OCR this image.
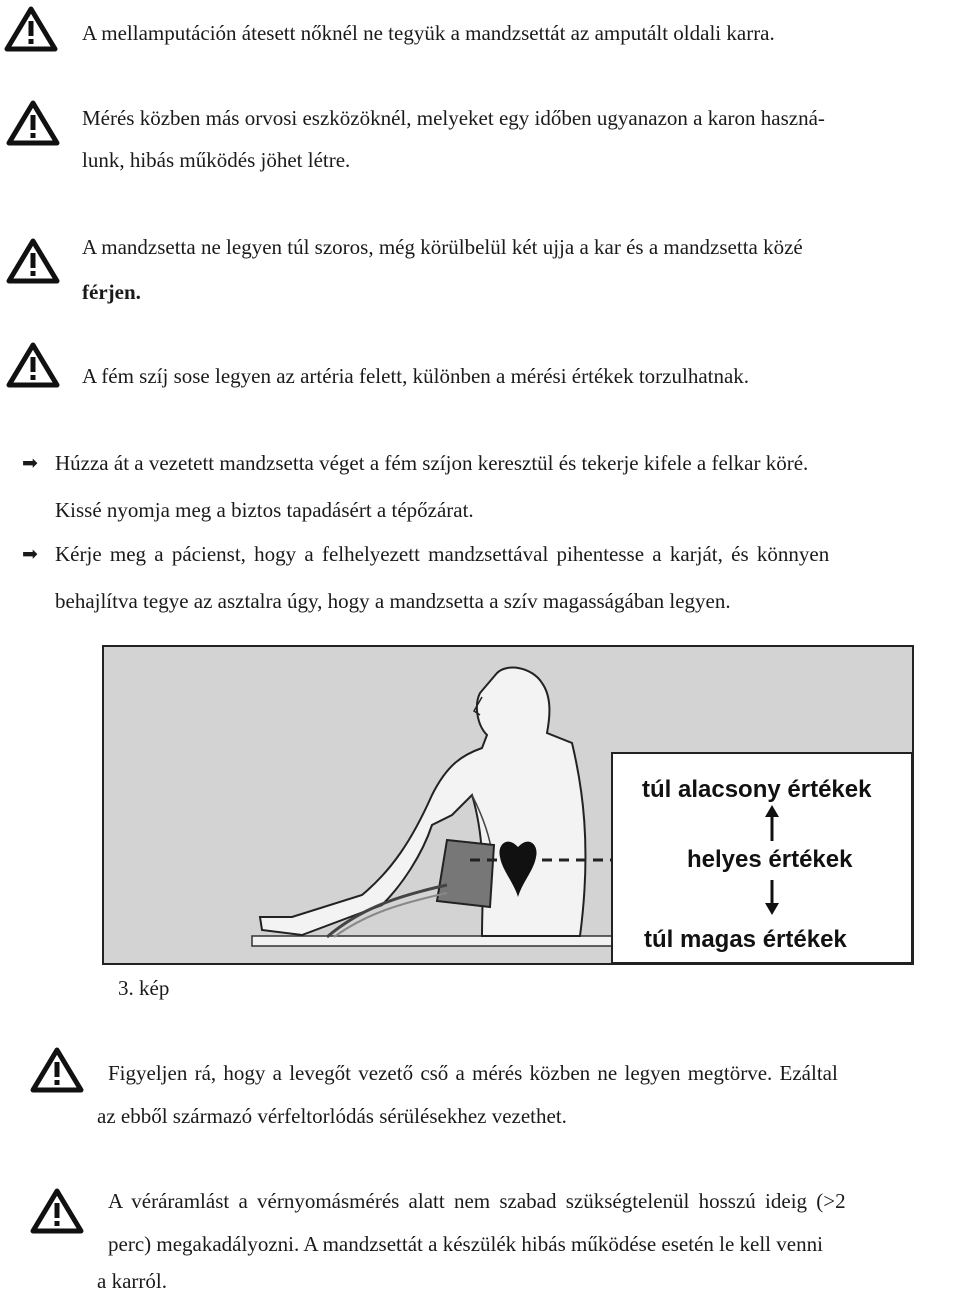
A mellamputáción átesett nőknél ne tegyük a mandzsettát az amputált oldali karra.
Mérés közben más orvosi eszközöknél, melyeket egy időben ugyanazon a karon haszná-
lunk, hibás működés jöhet létre.
A mandzsetta ne legyen túl szoros, még körülbelül két ujja a kar és a mandzsetta közé
férjen.
A fém szíj sose legyen az artéria felett, különben a mérési értékek torzulhatnak.
➡ Húzza át a vezetett mandzsetta véget a fém szíjon keresztül és tekerje kifele a felkar köré.
Kissé nyomja meg a biztos tapadásért a tépőzárat.
➡ Kérje meg a pácienst, hogy a felhelyezett mandzsettával pihentesse a karját, és könnyen
behajlítva tegye az asztalra úgy, hogy a mandzsetta a szív magasságában legyen.
túl alacsony értékek
helyes értékek
túl magas értékek
3. kép
Figyeljen rá, hogy a levegőt vezető cső a mérés közben ne legyen megtörve. Ezáltal
az ebből származó vérfeltorlódás sérülésekhez vezethet.
A véráramlást a vérnyomásmérés alatt nem szabad szükségtelenül hosszú ideig (>2
perc) megakadályozni. A mandzsettát a készülék hibás működése esetén le kell venni
a karról.
